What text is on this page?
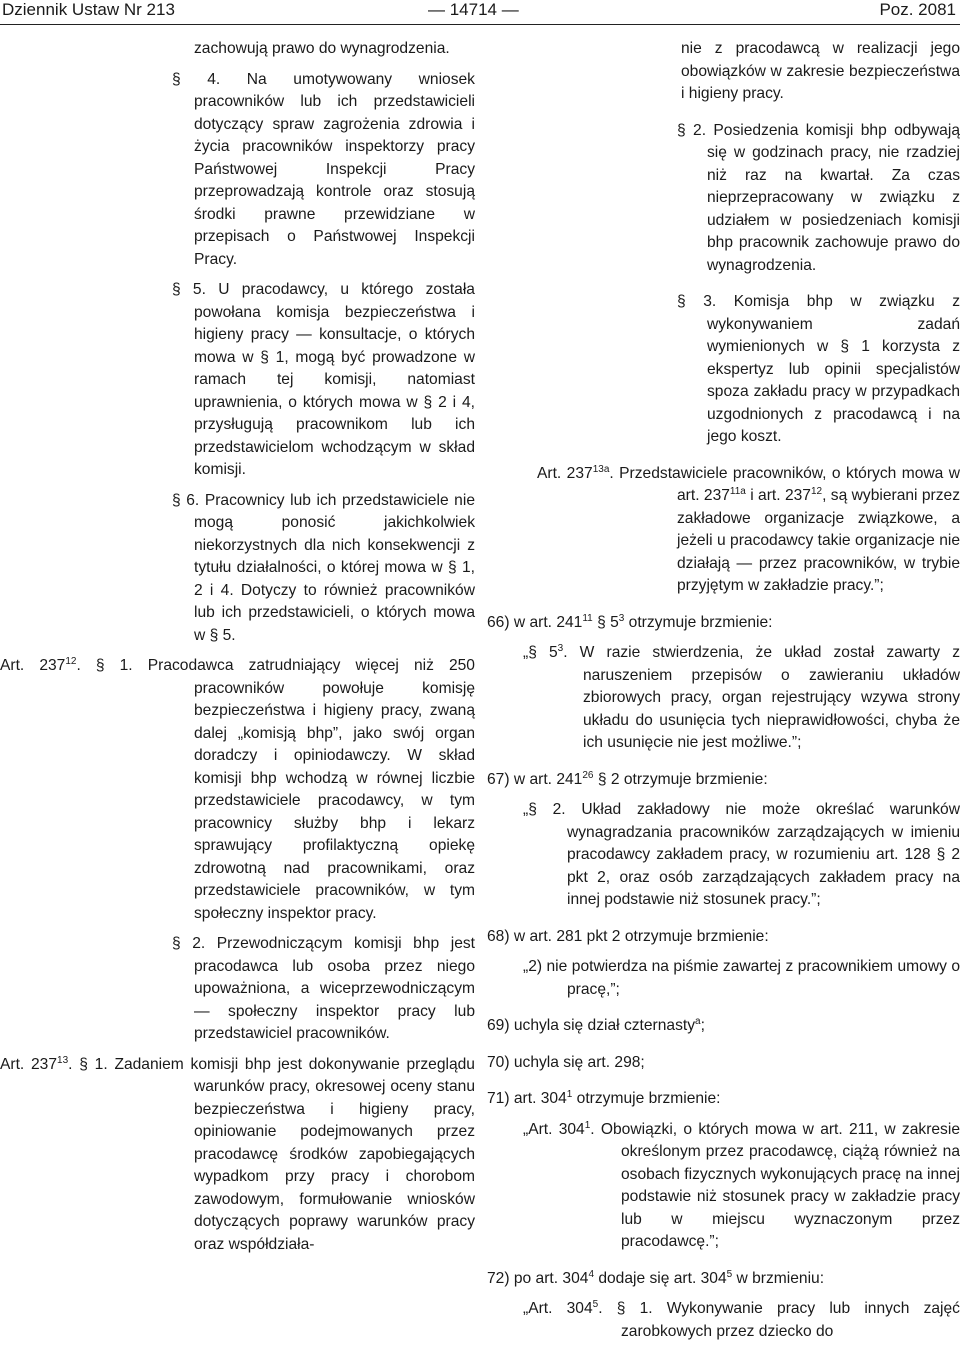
Dziennik Ustaw Nr 213	— 14714 —	Poz. 2081
zachowują prawo do wynagrodzenia.
§ 4. Na umotywowany wniosek pracowników lub ich przedstawicieli dotyczący spraw zagrożenia zdrowia i życia pracowników inspektorzy pracy Państwowej Inspekcji Pracy przeprowadzają kontrole oraz stosują środki prawne przewidziane w przepisach o Państwowej Inspekcji Pracy.
§ 5. U pracodawcy, u którego została powołana komisja bezpieczeństwa i higieny pracy — konsultacje, o których mowa w § 1, mogą być prowadzone w ramach tej komisji, natomiast uprawnienia, o których mowa w § 2 i 4, przysługują pracownikom lub ich przedstawicielom wchodzącym w skład komisji.
§ 6. Pracownicy lub ich przedstawiciele nie mogą ponosić jakichkolwiek niekorzystnych dla nich konsekwencji z tytułu działalności, o której mowa w § 1, 2 i 4. Dotyczy to również pracowników lub ich przedstawicieli, o których mowa w § 5.
Art. $237^{12}$. § 1. Pracodawca zatrudniający więcej niż 250 pracowników powołuje komisję bezpieczeństwa i higieny pracy, zwaną dalej „komisją bhp”, jako swój organ doradczy i opiniodawczy. W skład komisji bhp wchodzą w równej liczbie przedstawiciele pracodawcy, w tym pracownicy służby bhp i lekarz sprawujący profilaktyczną opiekę zdrowotną nad pracownikami, oraz przedstawiciele pracowników, w tym społeczny inspektor pracy.
§ 2. Przewodniczącym komisji bhp jest pracodawca lub osoba przez niego upoważniona, a wiceprzewodniczącym — społeczny inspektor pracy lub przedstawiciel pracowników.
Art. $237^{13}$. § 1. Zadaniem komisji bhp jest dokonywanie przeglądu warunków pracy, okresowej oceny stanu bezpieczeństwa i higieny pracy, opiniowanie podejmowanych przez pracodawcę środków zapobiegających wypadkom przy pracy i chorobom zawodowym, formułowanie wniosków dotyczących poprawy warunków pracy oraz współdziała-
nie z pracodawcą w realizacji jego obowiązków w zakresie bezpieczeństwa i higieny pracy.
§ 2. Posiedzenia komisji bhp odbywają się w godzinach pracy, nie rzadziej niż raz na kwartał. Za czas nieprzepracowany w związku z udziałem w posiedzeniach komisji bhp pracownik zachowuje prawo do wynagrodzenia.
§ 3. Komisja bhp w związku z wykonywaniem zadań wymienionych w § 1 korzysta z ekspertyz lub opinii specjalistów spoza zakładu pracy w przypadkach uzgodnionych z pracodawcą i na jego koszt.
Art. $237^{13a}$. Przedstawiciele pracowników, o których mowa w art. $237^{11a}$ i art. $237^{12}$, są wybierani przez zakładowe organizacje związkowe, a jeżeli u pracodawcy takie organizacje nie działają — przez pracowników, w trybie przyjętym w zakładzie pracy.”;
66) w art. $241^{11}$ § $5^3$ otrzymuje brzmienie:
„§ $5^3$. W razie stwierdzenia, że układ został zawarty z naruszeniem przepisów o zawieraniu układów zbiorowych pracy, organ rejestrujący wzywa strony układu do usunięcia tych nieprawidłowości, chyba że ich usunięcie nie jest możliwe.”;
67) w art. $241^{26}$ § 2 otrzymuje brzmienie:
„§ 2. Układ zakładowy nie może określać warunków wynagradzania pracowników zarządzających w imieniu pracodawcy zakładem pracy, w rozumieniu art. 128 § 2 pkt 2, oraz osób zarządzających zakładem pracy na innej podstawie niż stosunek pracy.”;
68) w art. 281 pkt 2 otrzymuje brzmienie:
„2) nie potwierdza na piśmie zawartej z pracownikiem umowy o pracę,”;
69) uchyla się dział czternasty$^a$;
70) uchyla się art. 298;
71) art. $304^1$ otrzymuje brzmienie:
„Art. $304^1$. Obowiązki, o których mowa w art. 211, w zakresie określonym przez pracodawcę, ciążą również na osobach fizycznych wykonujących pracę na innej podstawie niż stosunek pracy w zakładzie pracy lub w miejscu wyznaczonym przez pracodawcę.”;
72) po art. $304^4$ dodaje się art. $304^5$ w brzmieniu:
„Art. $304^5$. § 1. Wykonywanie pracy lub innych zajęć zarobkowych przez dziecko do
